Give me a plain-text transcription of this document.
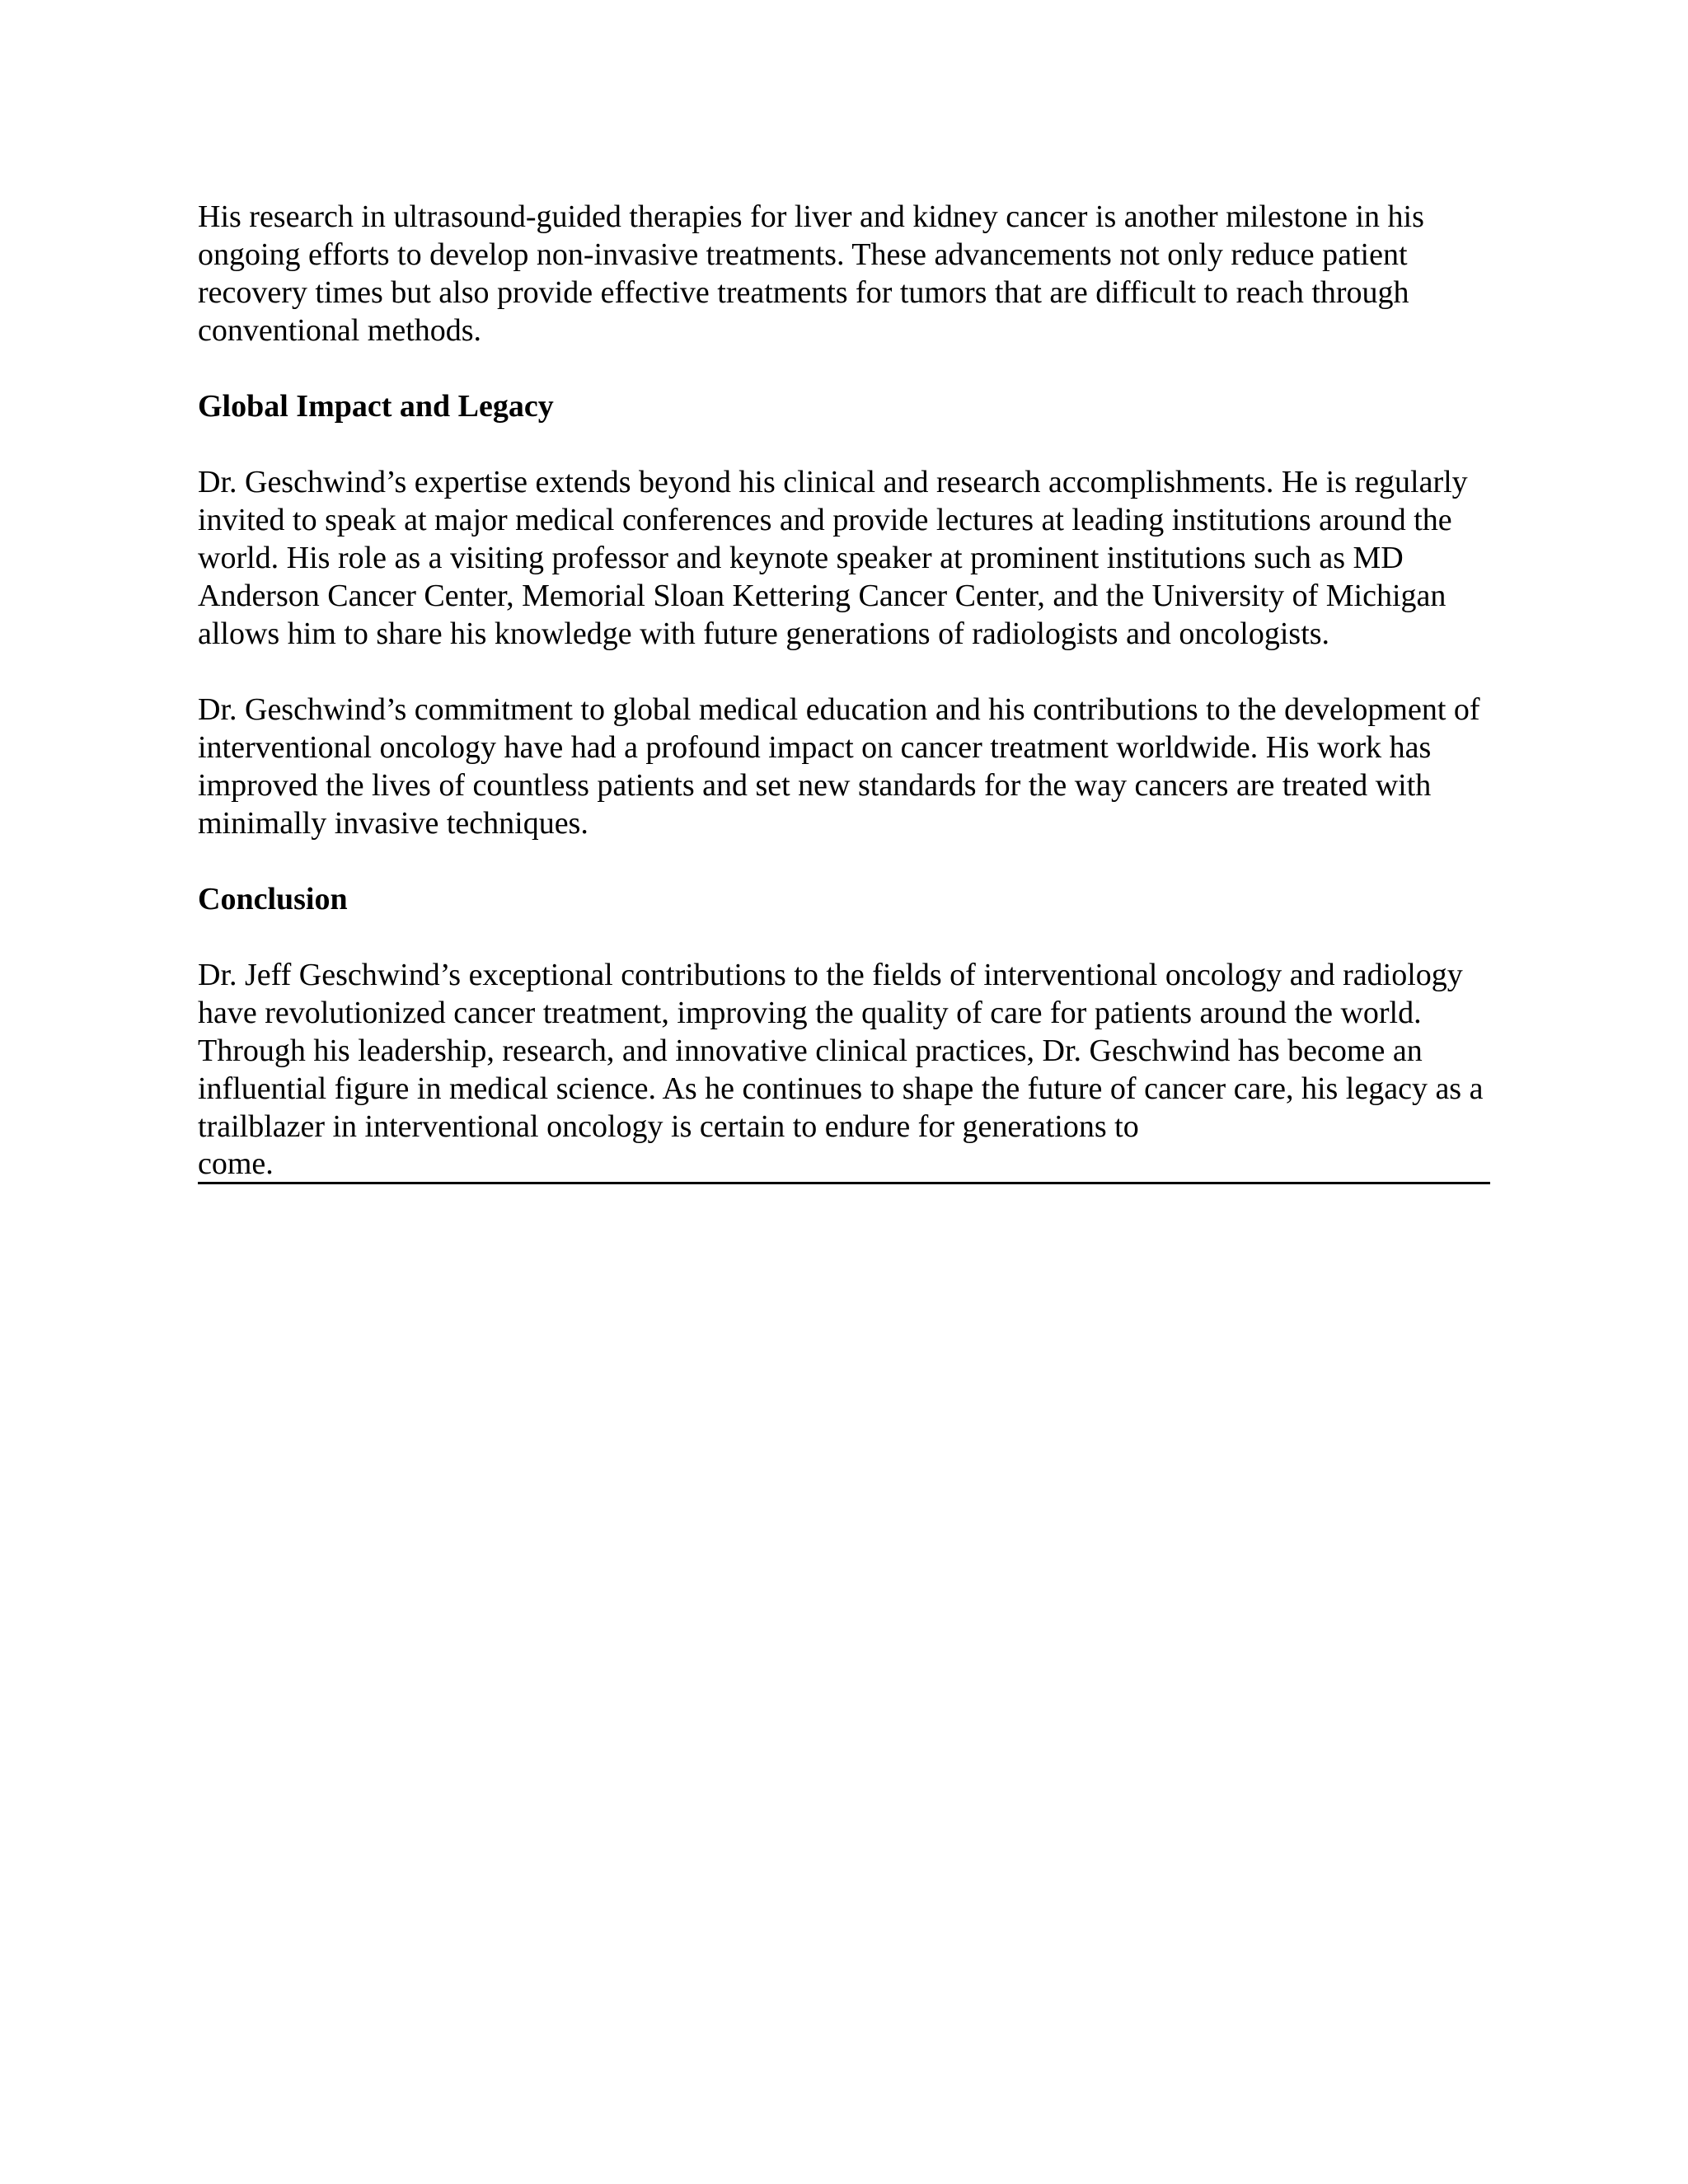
His research in ultrasound-guided therapies for liver and kidney cancer is another milestone in his ongoing efforts to develop non-invasive treatments. These advancements not only reduce patient recovery times but also provide effective treatments for tumors that are difficult to reach through conventional methods.

Global Impact and Legacy

Dr. Geschwind’s expertise extends beyond his clinical and research accomplishments. He is regularly invited to speak at major medical conferences and provide lectures at leading institutions around the world. His role as a visiting professor and keynote speaker at prominent institutions such as MD Anderson Cancer Center, Memorial Sloan Kettering Cancer Center, and the University of Michigan allows him to share his knowledge with future generations of radiologists and oncologists.

Dr. Geschwind’s commitment to global medical education and his contributions to the development of interventional oncology have had a profound impact on cancer treatment worldwide. His work has improved the lives of countless patients and set new standards for the way cancers are treated with minimally invasive techniques.

Conclusion

Dr. Jeff Geschwind’s exceptional contributions to the fields of interventional oncology and radiology have revolutionized cancer treatment, improving the quality of care for patients around the world. Through his leadership, research, and innovative clinical practices, Dr. Geschwind has become an influential figure in medical science. As he continues to shape the future of cancer care, his legacy as a trailblazer in interventional oncology is certain to endure for generations to

come.
